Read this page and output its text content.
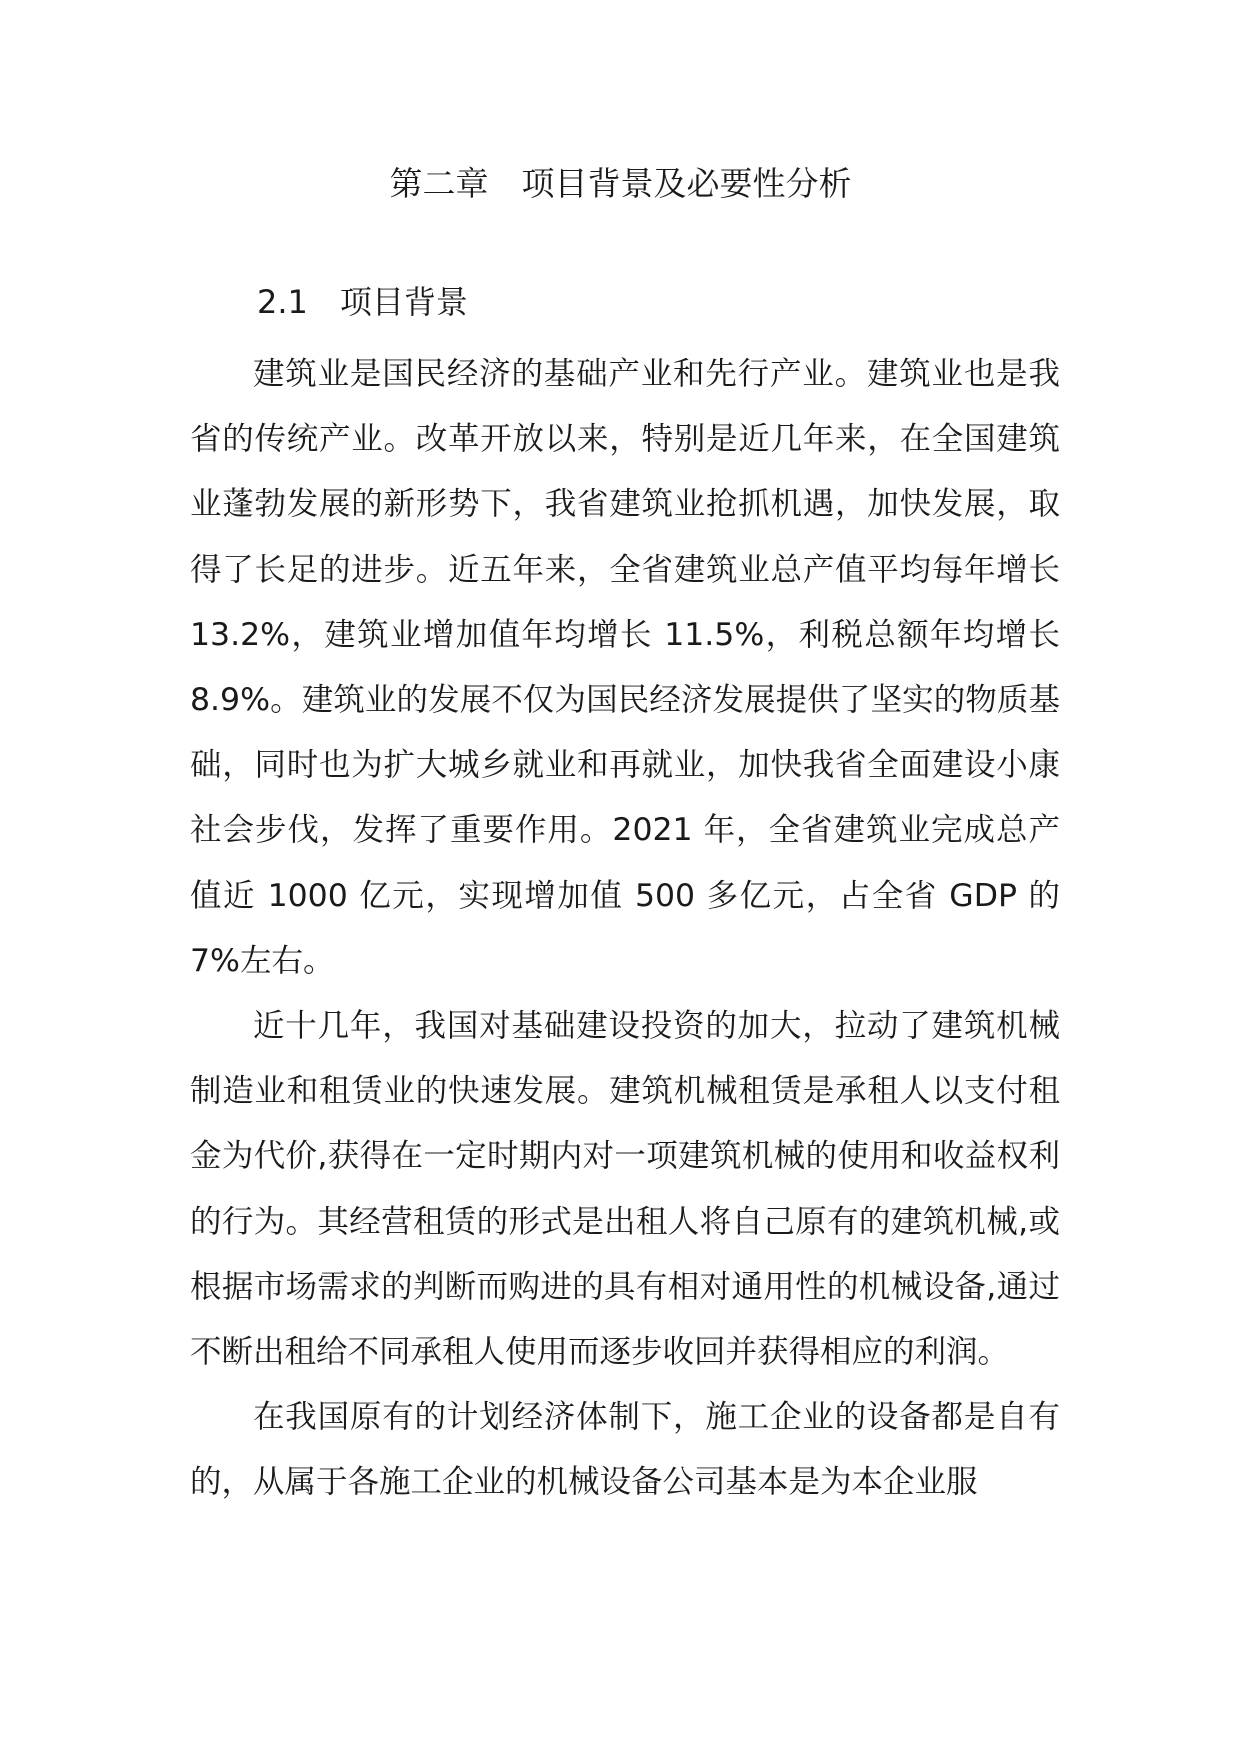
第二章　项目背景及必要性分析
2.1　项目背景

建筑业是国民经济的基础产业和先行产业。建筑业也是我省的传统产业。改革开放以来，特别是近几年来，在全国建筑业蓬勃发展的新形势下，我省建筑业抢抓机遇，加快发展，取得了长足的进步。近五年来，全省建筑业总产值平均每年增长 13.2%，建筑业增加值年均增长 11.5%，利税总额年均增长 8.9%。建筑业的发展不仅为国民经济发展提供了坚实的物质基础，同时也为扩大城乡就业和再就业，加快我省全面建设小康社会步伐，发挥了重要作用。2021 年，全省建筑业完成总产值近 1000 亿元，实现增加值 500 多亿元，占全省 GDP 的 7%左右。

近十几年，我国对基础建设投资的加大，拉动了建筑机械制造业和租赁业的快速发展。建筑机械租赁是承租人以支付租金为代价,获得在一定时期内对一项建筑机械的使用和收益权利的行为。其经营租赁的形式是出租人将自己原有的建筑机械,或根据市场需求的判断而购进的具有相对通用性的机械设备,通过不断出租给不同承租人使用而逐步收回并获得相应的利润。

在我国原有的计划经济体制下，施工企业的设备都是自有的，从属于各施工企业的机械设备公司基本是为本企业服
